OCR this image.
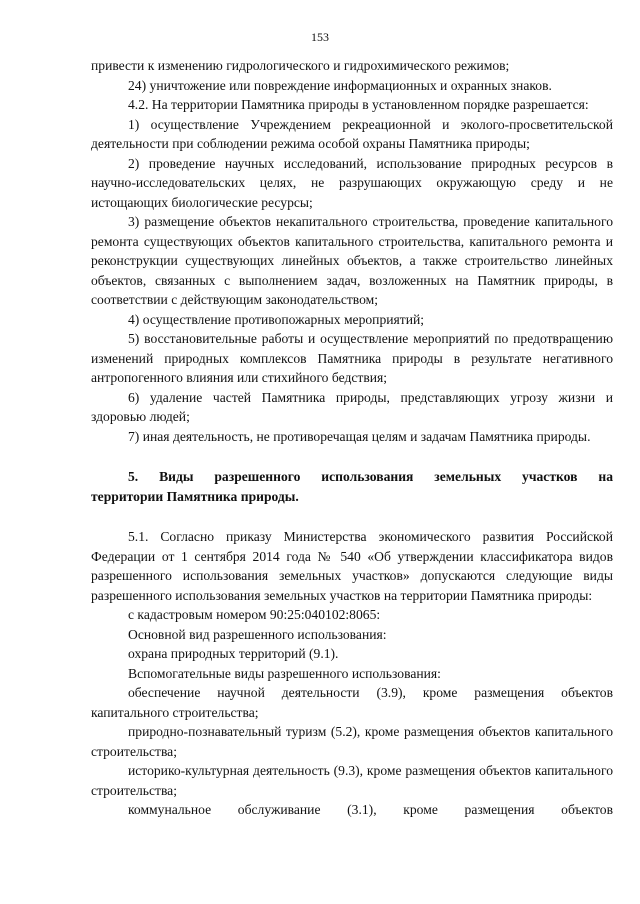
153

привести к изменению гидрологического и гидрохимического режимов;

24) уничтожение или повреждение информационных и охранных знаков.

4.2. На территории Памятника природы в установленном порядке разрешается:

1) осуществление Учреждением рекреационной и эколого-просветительской деятельности при соблюдении режима особой охраны Памятника природы;

2) проведение научных исследований, использование природных ресурсов в научно-исследовательских целях, не разрушающих окружающую среду и не истощающих биологические ресурсы;

3) размещение объектов некапитального строительства, проведение капитального ремонта существующих объектов капитального строительства, капитального ремонта и реконструкции существующих линейных объектов, а также строительство линейных объектов, связанных с выполнением задач, возложенных на Памятник природы, в соответствии с действующим законодательством;

4) осуществление противопожарных мероприятий;

5) восстановительные работы и осуществление мероприятий по предотвращению изменений природных комплексов Памятника природы в результате негативного антропогенного влияния или стихийного бедствия;

6) удаление частей Памятника природы, представляющих угрозу жизни и здоровью людей;

7) иная деятельность, не противоречащая целям и задачам Памятника природы.

5. Виды разрешенного использования земельных участков на
территории Памятника природы.

5.1. Согласно приказу Министерства экономического развития Российской Федерации от 1 сентября 2014 года № 540 «Об утверждении классификатора видов разрешенного использования земельных участков» допускаются следующие виды разрешенного использования земельных участков на территории Памятника природы:

с кадастровым номером 90:25:040102:8065:

Основной вид разрешенного использования:

охрана природных территорий (9.1).

Вспомогательные виды разрешенного использования:

обеспечение научной деятельности (3.9), кроме размещения объектов капитального строительства;

природно-познавательный туризм (5.2), кроме размещения объектов капитального строительства;

историко-культурная деятельность (9.3), кроме размещения объектов капитального строительства;

коммунальное обслуживание (3.1), кроме размещения объектов
